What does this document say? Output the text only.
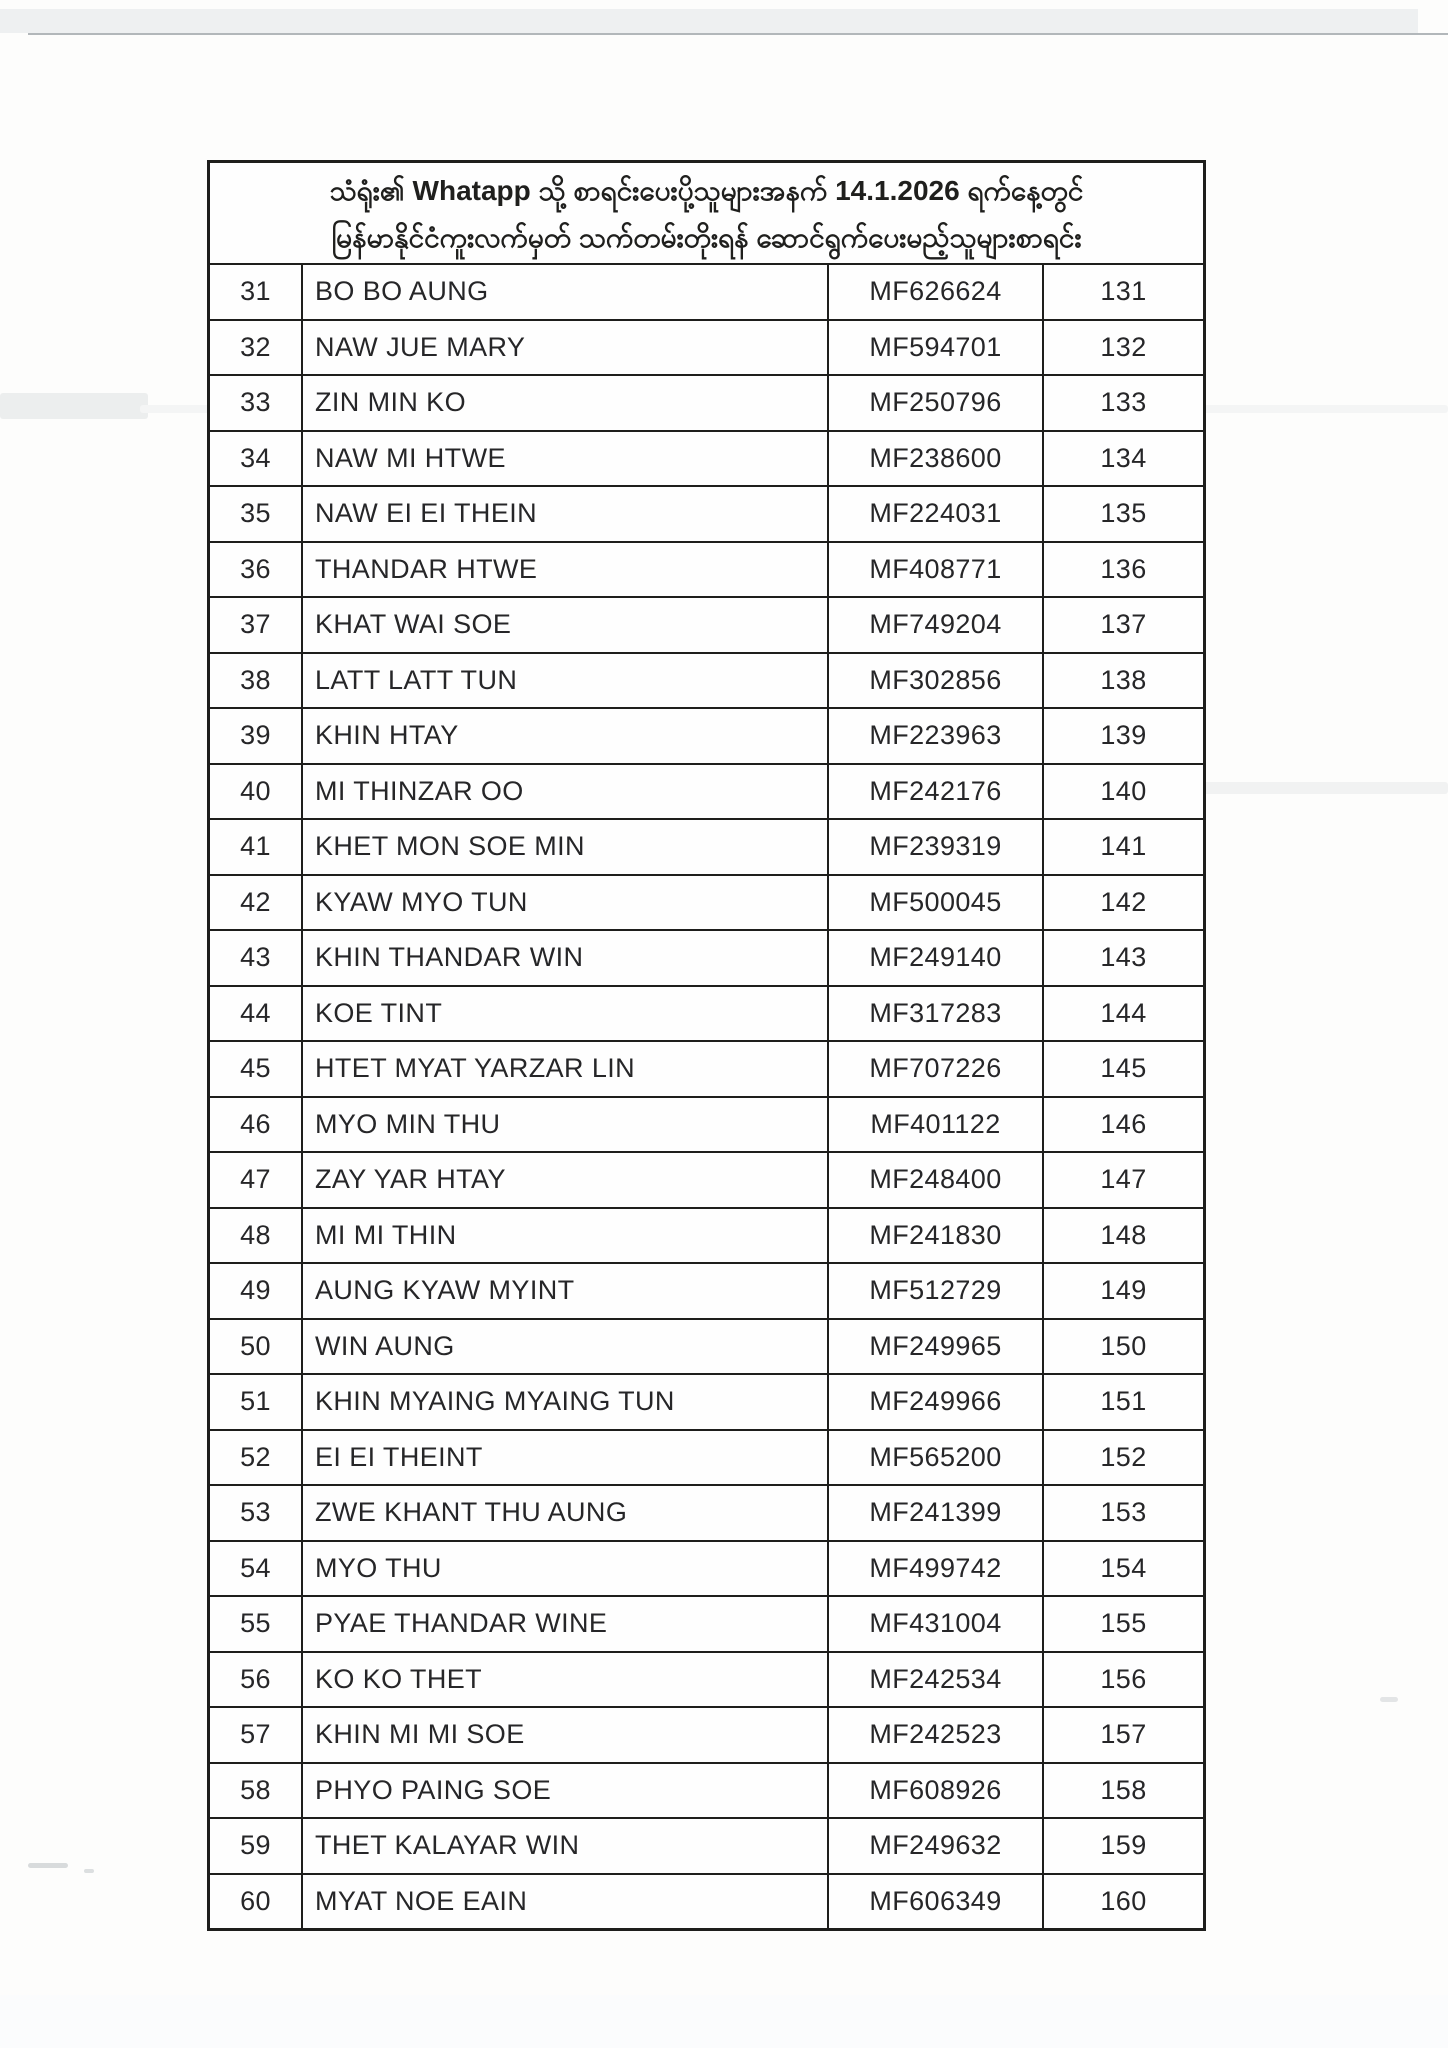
သံရုံး၏ Whatapp သို့ စာရင်းပေးပို့သူများအနက် 14.1.2026 ရက်နေ့တွင်
မြန်မာနိုင်ငံကူးလက်မှတ် သက်တမ်းတိုးရန် ဆောင်ရွက်ပေးမည့်သူများစာရင်း
31	BO BO AUNG	MF626624	131
32	NAW JUE MARY	MF594701	132
33	ZIN MIN KO	MF250796	133
34	NAW MI HTWE	MF238600	134
35	NAW EI EI THEIN	MF224031	135
36	THANDAR HTWE	MF408771	136
37	KHAT WAI SOE	MF749204	137
38	LATT LATT TUN	MF302856	138
39	KHIN HTAY	MF223963	139
40	MI THINZAR OO	MF242176	140
41	KHET MON SOE MIN	MF239319	141
42	KYAW MYO TUN	MF500045	142
43	KHIN THANDAR WIN	MF249140	143
44	KOE TINT	MF317283	144
45	HTET MYAT YARZAR LIN	MF707226	145
46	MYO MIN THU	MF401122	146
47	ZAY YAR HTAY	MF248400	147
48	MI MI THIN	MF241830	148
49	AUNG KYAW MYINT	MF512729	149
50	WIN AUNG	MF249965	150
51	KHIN MYAING MYAING TUN	MF249966	151
52	EI EI THEINT	MF565200	152
53	ZWE KHANT THU AUNG	MF241399	153
54	MYO THU	MF499742	154
55	PYAE THANDAR WINE	MF431004	155
56	KO KO THET	MF242534	156
57	KHIN MI MI SOE	MF242523	157
58	PHYO PAING SOE	MF608926	158
59	THET KALAYAR WIN	MF249632	159
60	MYAT NOE EAIN	MF606349	160
